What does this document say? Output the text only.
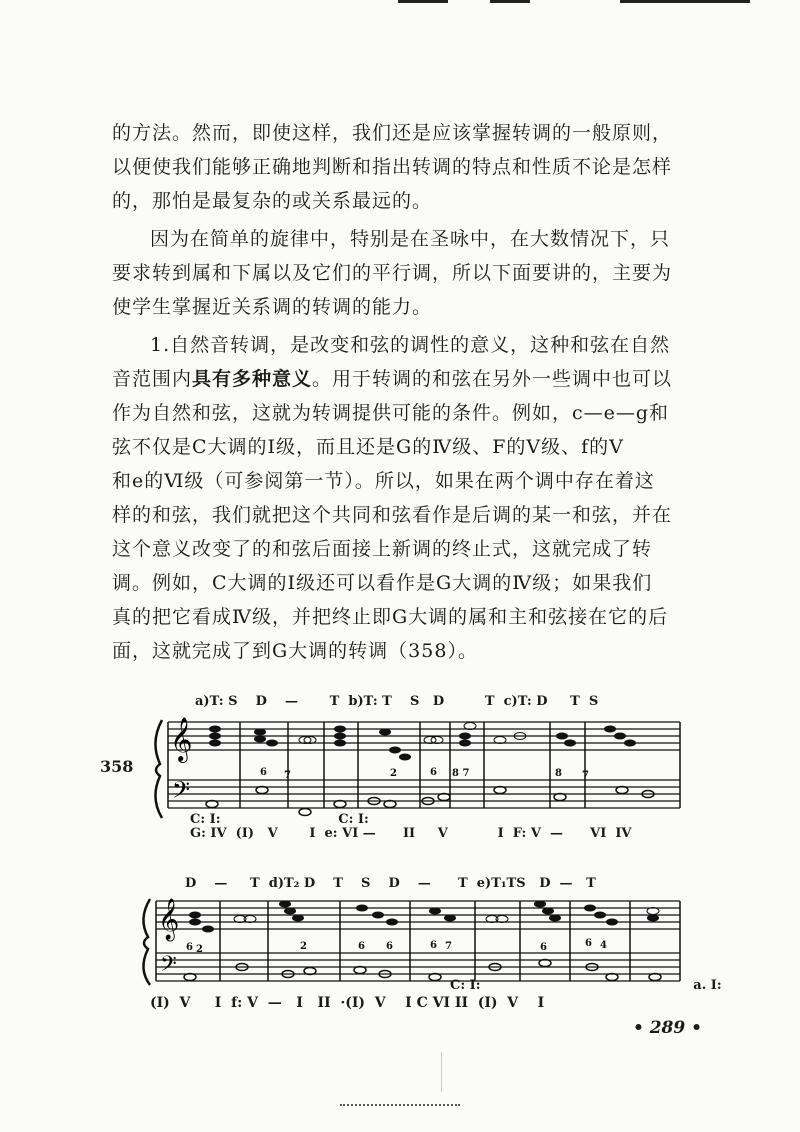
的方法。然而，即使这样，我们还是应该掌握转调的一般原则，

以便使我们能够正确地判断和指出转调的特点和性质不论是怎样

的，那怕是最复杂的或关系最远的。

因为在简单的旋律中，特别是在圣咏中，在大数情况下，只

要求转到属和下属以及它们的平行调，所以下面要讲的，主要为

使学生掌握近关系调的转调的能力。

1.自然音转调，是改变和弦的调性的意义，这种和弦在自然

音范围内具有多种意义。用于转调的和弦在另外一些调中也可以

作为自然和弦，这就为转调提供可能的条件。例如，c—e—g和

弦不仅是C大调的Ⅰ级，而且还是G的Ⅳ级、F的Ⅴ级、f的Ⅴ

和e的Ⅵ级（可参阅第一节）。所以，如果在两个调中存在着这

样的和弦，我们就把这个共同和弦看作是后调的某一和弦，并在

这个意义改变了的和弦后面接上新调的终止式，这就完成了转

调。例如，C大调的Ⅰ级还可以看作是G大调的Ⅳ级；如果我们

真的把它看成Ⅳ级，并把终止即G大调的属和主和弦接在它的后

面，这就完成了到G大调的转调（358）。

358
a)T: S    D    —       T  b)T: T    S   D         T  c)T: D     T  S
𝄞
𝄢
6 7	2	6 8 7	8 7
C: I:                          C: I:
G: IV  (I)   V       I  e: VI —      II     V           I  F: V  —      VI  IV
D    —     T  d)T₂ D    T    S    D    —      T  e)T₁TS   D  —   T
𝄞
𝄢
6 2	2	6 6	6 7	6	6 4
C: I:                                               a. I:
(I)  V     I  f: V  —   I   II  ·(I)  V    I C VI II  (I)  V    I
• 289 •
